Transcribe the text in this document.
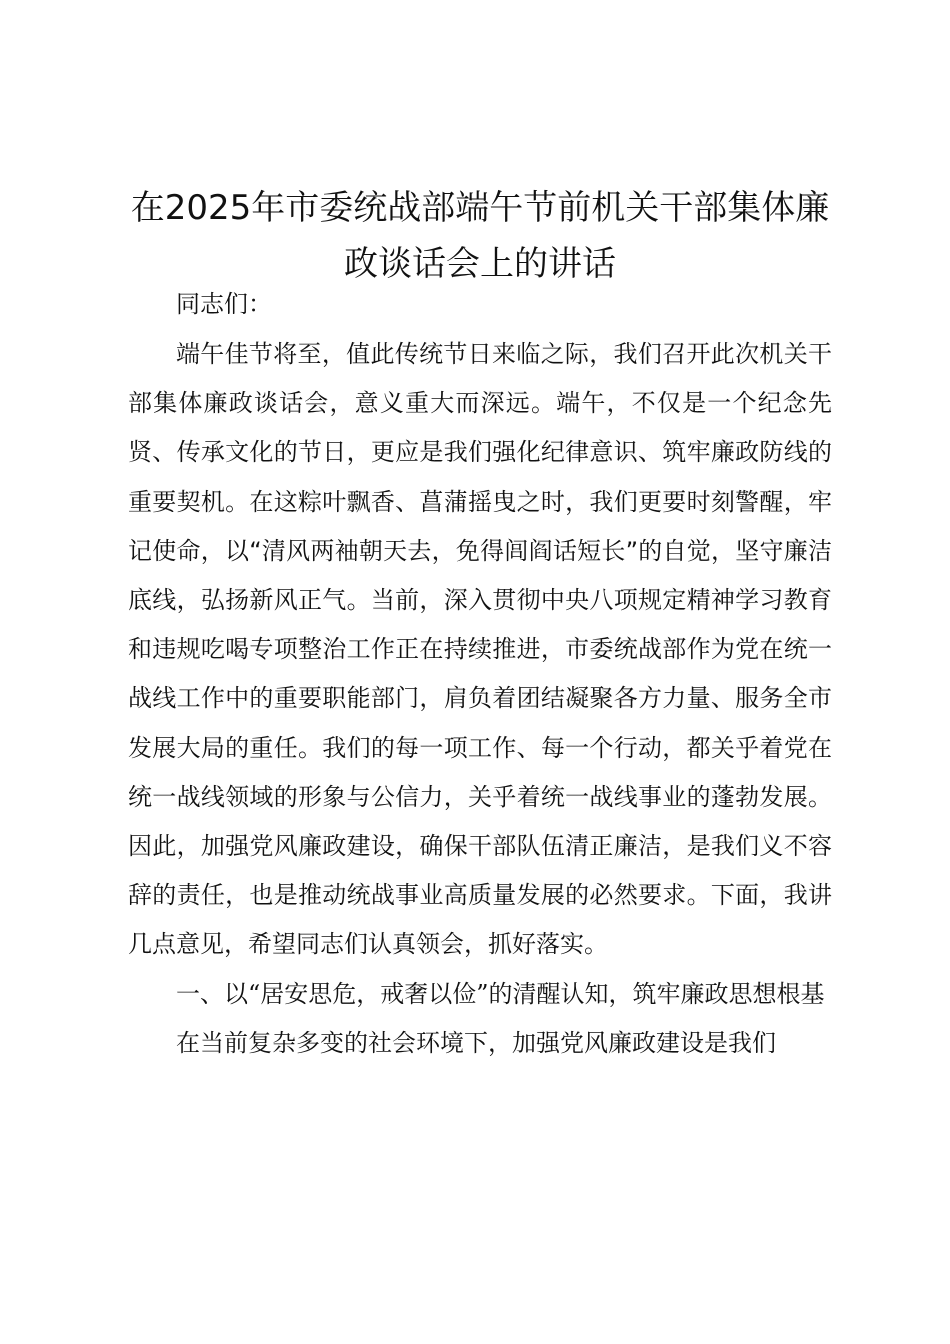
在2025年市委统战部端午节前机关干部集体廉政谈话会上的讲话

同志们：

端午佳节将至，值此传统节日来临之际，我们召开此次机关干部集体廉政谈话会，意义重大而深远。端午，不仅是一个纪念先贤、传承文化的节日，更应是我们强化纪律意识、筑牢廉政防线的重要契机。在这粽叶飘香、菖蒲摇曳之时，我们更要时刻警醒，牢记使命，以“清风两袖朝天去，免得闾阎话短长”的自觉，坚守廉洁底线，弘扬新风正气。当前，深入贯彻中央八项规定精神学习教育和违规吃喝专项整治工作正在持续推进，市委统战部作为党在统一战线工作中的重要职能部门，肩负着团结凝聚各方力量、服务全市发展大局的重任。我们的每一项工作、每一个行动，都关乎着党在统一战线领域的形象与公信力，关乎着统一战线事业的蓬勃发展。因此，加强党风廉政建设，确保干部队伍清正廉洁，是我们义不容辞的责任，也是推动统战事业高质量发展的必然要求。下面，我讲几点意见，希望同志们认真领会，抓好落实。

一、以“居安思危，戒奢以俭”的清醒认知，筑牢廉政思想根基

在当前复杂多变的社会环境下，加强党风廉政建设是我们
